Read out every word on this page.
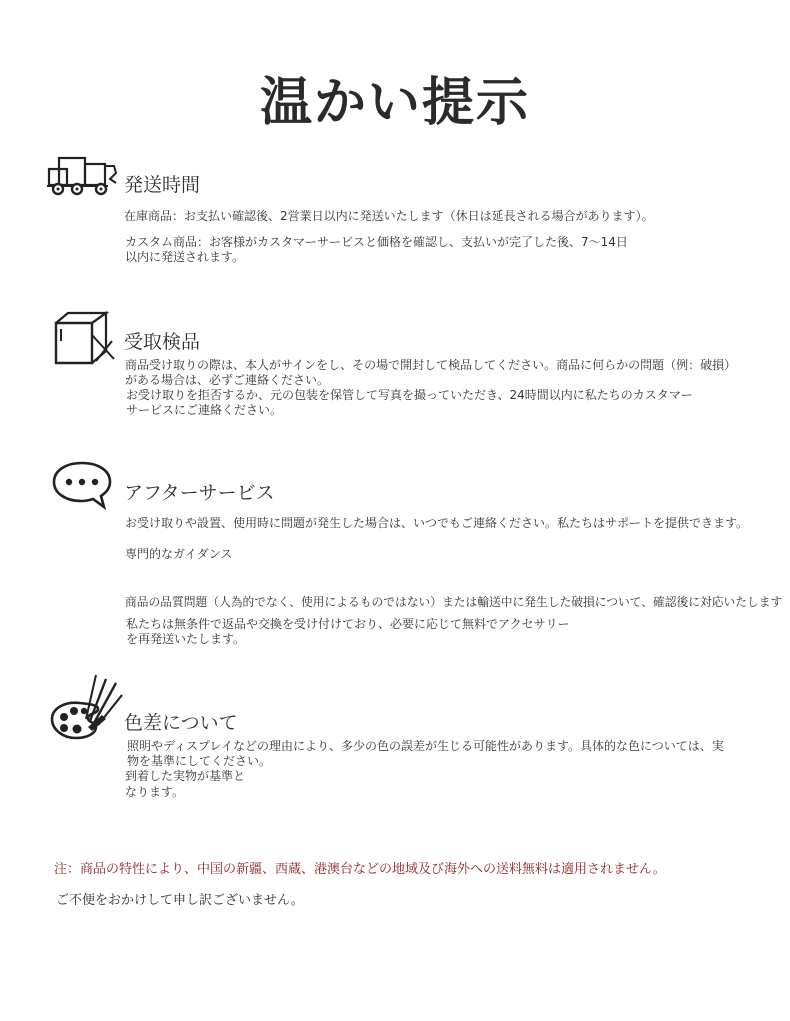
温かい提示
発送時間
在庫商品：お支払い確認後、2営業日以内に発送いたします（休日は延長される場合があります）。
カスタム商品：お客様がカスタマーサービスと価格を確認し、支払いが完了した後、7〜14日
以内に発送されます。
受取検品
商品受け取りの際は、本人がサインをし、その場で開封して検品してください。商品に何らかの問題（例：破損）
がある場合は、必ずご連絡ください。
お受け取りを拒否するか、元の包装を保管して写真を撮っていただき、24時間以内に私たちのカスタマー
サービスにご連絡ください。
アフターサービス
お受け取りや設置、使用時に問題が発生した場合は、いつでもご連絡ください。私たちはサポートを提供できます。
専門的なガイダンス
商品の品質問題（人為的でなく、使用によるものではない）または輸送中に発生した破損について、確認後に対応いたします
私たちは無条件で返品や交換を受け付けており、必要に応じて無料でアクセサリー
を再発送いたします。
色差について
照明やディスプレイなどの理由により、多少の色の誤差が生じる可能性があります。具体的な色については、実
物を基準にしてください。
到着した実物が基準と
なります。
注：商品の特性により、中国の新疆、西蔵、港澳台などの地域及び海外への送料無料は適用されません。
ご不便をおかけして申し訳ございません。
